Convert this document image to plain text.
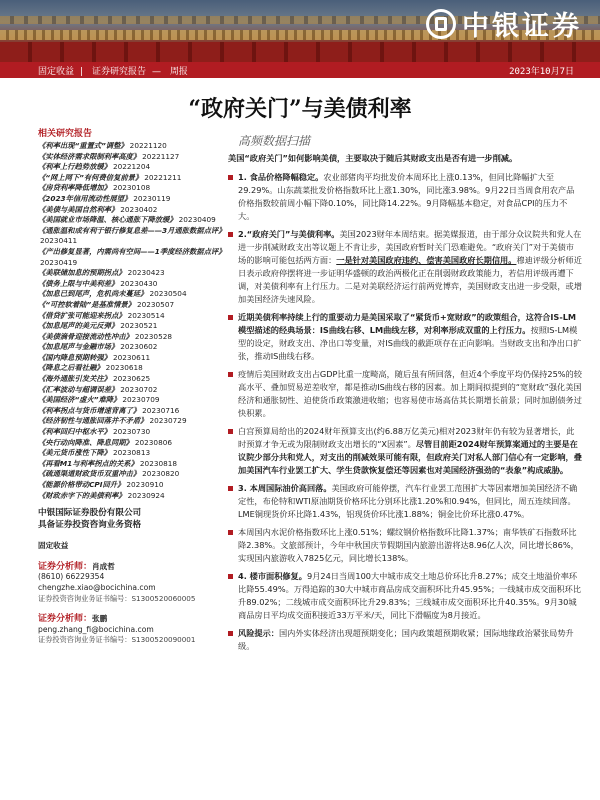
中银证券
固定收益 | 证券研究报告 — 周报	2023年10月7日
“政府关门”与美债利率
高频数据扫描
相关研究报告
《利率出现“重置式”调整》 20221120
《实体经济需求限制利率高度》 20221127
《利率上行趋势放缓》 20221204
《“网上网下”有何费倍复前景》 20221211
《房贷利率降低增加》 20230108
《2023年信用流动性展望》 20230119
《美债与美国自然利率》 20230402
《美国就业市场降温、核心通胀下降放缓》 20230409
《通胀温和成有利于银行修复息差——3月通胀数据点评》20230411
《产出修复显著，内需尚有空间——1季度经济数据点评》20230419
《美联储加息的预期拐点》 20230423
《债务上限与中美利差》 20230430
《加息已到尾声，危机尚未蔓延》 20230504
《“可控软着陆”是基准情景》 20230507
《借贷扩张可能迎来拐点》 20230514
《加息尾声的美元反弹》 20230521
《美债滴骨迎接流动性冲击》 20230528
《加息尾声与金融市场》 20230602
《国内降息预期转强》 20230611
《降息之后看社融》 20230618
《海外通胀引发关注》 20230625
《汇率波动与超调误差》 20230702
《美国经济“虚火”难降》 20230709
《利率拐点与货币增速背离了》 20230716
《经济韧性与通胀回落并不矛盾》 20230729
《利率回归中枢水平》 20230730
《央行动向降准、降息同期》 20230806
《美元货币涨性下降》 20230813
《再看M1与利率拐点的关系》 20230818
《疏通渠道财政货币双重冲击》 20230820
《能源价格带动CPI回升》 20230910
《财政赤字下的美债利率》 20230924
中银国际证券股份有限公司
具备证券投资咨询业务资格
固定收益
证券分析师：肖成哲
(8610) 66229354
chengzhe.xiao@bocichina.com
证券投资咨询业务证书编号：S1300520060005
证券分析师：张鹏
peng.zhang_fi@bocichina.com
证券投资咨询业务证书编号：S1300520090001
美国“政府关门”如何影响美债，主要取决于随后其财政支出是否有进一步削减。
1. 食品价格降幅稳定。农业部猪肉平均批发价本周环比上涨0.13%，但同比降幅扩大至29.29%。山东蔬菜批发价格指数环比上涨1.30%，同比涨3.98%。9月22日当周食用农产品价格指数较前周小幅下降0.10%，同比降14.22%。9月降幅基本稳定，对食品CPI的压力不大。
2.“政府关门”与美债利率。美国2023财年本周结束。据美媒报道，由于部分众议院共和党人在进一步削减财政支出等议题上不肯让步，美国政府暂时关门恐难避免。“政府关门”对于美债市场的影响可能包括两方面：一是针对美国政府违约、偿害美国政府长期信用。穆迪评级分析师近日表示政府停摆将进一步证明华盛顿的政治两极化正在削弱财政政策能力，若信用评级再遭下调，对美债利率有上行压力。二是对美联经济运行前两党博弈，美国财政支出进一步受限，或增加美国经济失速风险。
近期美债利率持续上行的重要动力是美国采取了“紧货币+宽财政”的政策组合，这符合IS-LM模型描述的经典场景：IS曲线右移、LM曲线左移，对利率形成双重的上行压力。按照IS-LM模型的设定，财政支出、净出口等变量，对IS曲线的截距项存在正向影响。当财政支出和净出口扩张，推动IS曲线右移。
疫情后美国财政支出占GDP比重一度畸高，随后虽有所回落，但近4个季度平均仍保持25%的较高水平、叠加贸易逆差收窄，都是推动IS曲线右移的因素。加上期间拟提到的“宽财政”强化美国经济和通胀韧性、迫使货币政策激进收缩；也容易使市场高估其长期增长前景；同时加剧债务过快积累。
白宫预算局给出的2024财年预算支出(约6.88万亿美元)相对2023财年仍有较为显著增长，此时预算才争无或为限制财政支出增长的“X因素”。尽管目前距2024财年预算案通过的主要是在议院少部分共和党人，对支出的削减效果可能有限，但政府关门对私人部门信心有一定影响，叠加美国汽车行业罢工扩大、学生贷款恢复偿还等因素也对美国经济强劲的“表象”构成威胁。
3. 本周国际油价高回落。美国政府可能停摆，汽车行业罢工范围扩大等因素增加美国经济不确定性，布伦特和WTI原油期货价格环比分别环比涨1.20%和0.94%，但同比，周五连续回落。LME铜现货价环比降1.43%，铝现货价环比涨1.88%；铜金比价环比涨0.47%。
本周国内水泥价格指数环比上涨0.51%；螺纹钢价格指数环比降1.37%；南华铁矿石指数环比降2.38%。文旅部预计，今年中秋国庆节假期国内旅游出游将达8.96亿人次，同比增长86%，实现国内旅游收入7825亿元，同比增长138%。
4. 楼市面积修复。9月24日当周100大中城市成交土地总价环比升8.27%；成交土地溢价率环比降55.49%。万得追踪的30大中城市商品房成交面积环比升45.95%；一线城市成交面积环比升89.02%；二线城市成交面积环比升29.83%；三线城市成交面积环比升40.35%。9月30城商品房日平均成交面积接近33万平米/天，同比下滑幅度为8月接近。
风险提示：国内外实体经济出现超预期变化；国内政策超预期收紧；国际地缘政治紧张局势升级。
